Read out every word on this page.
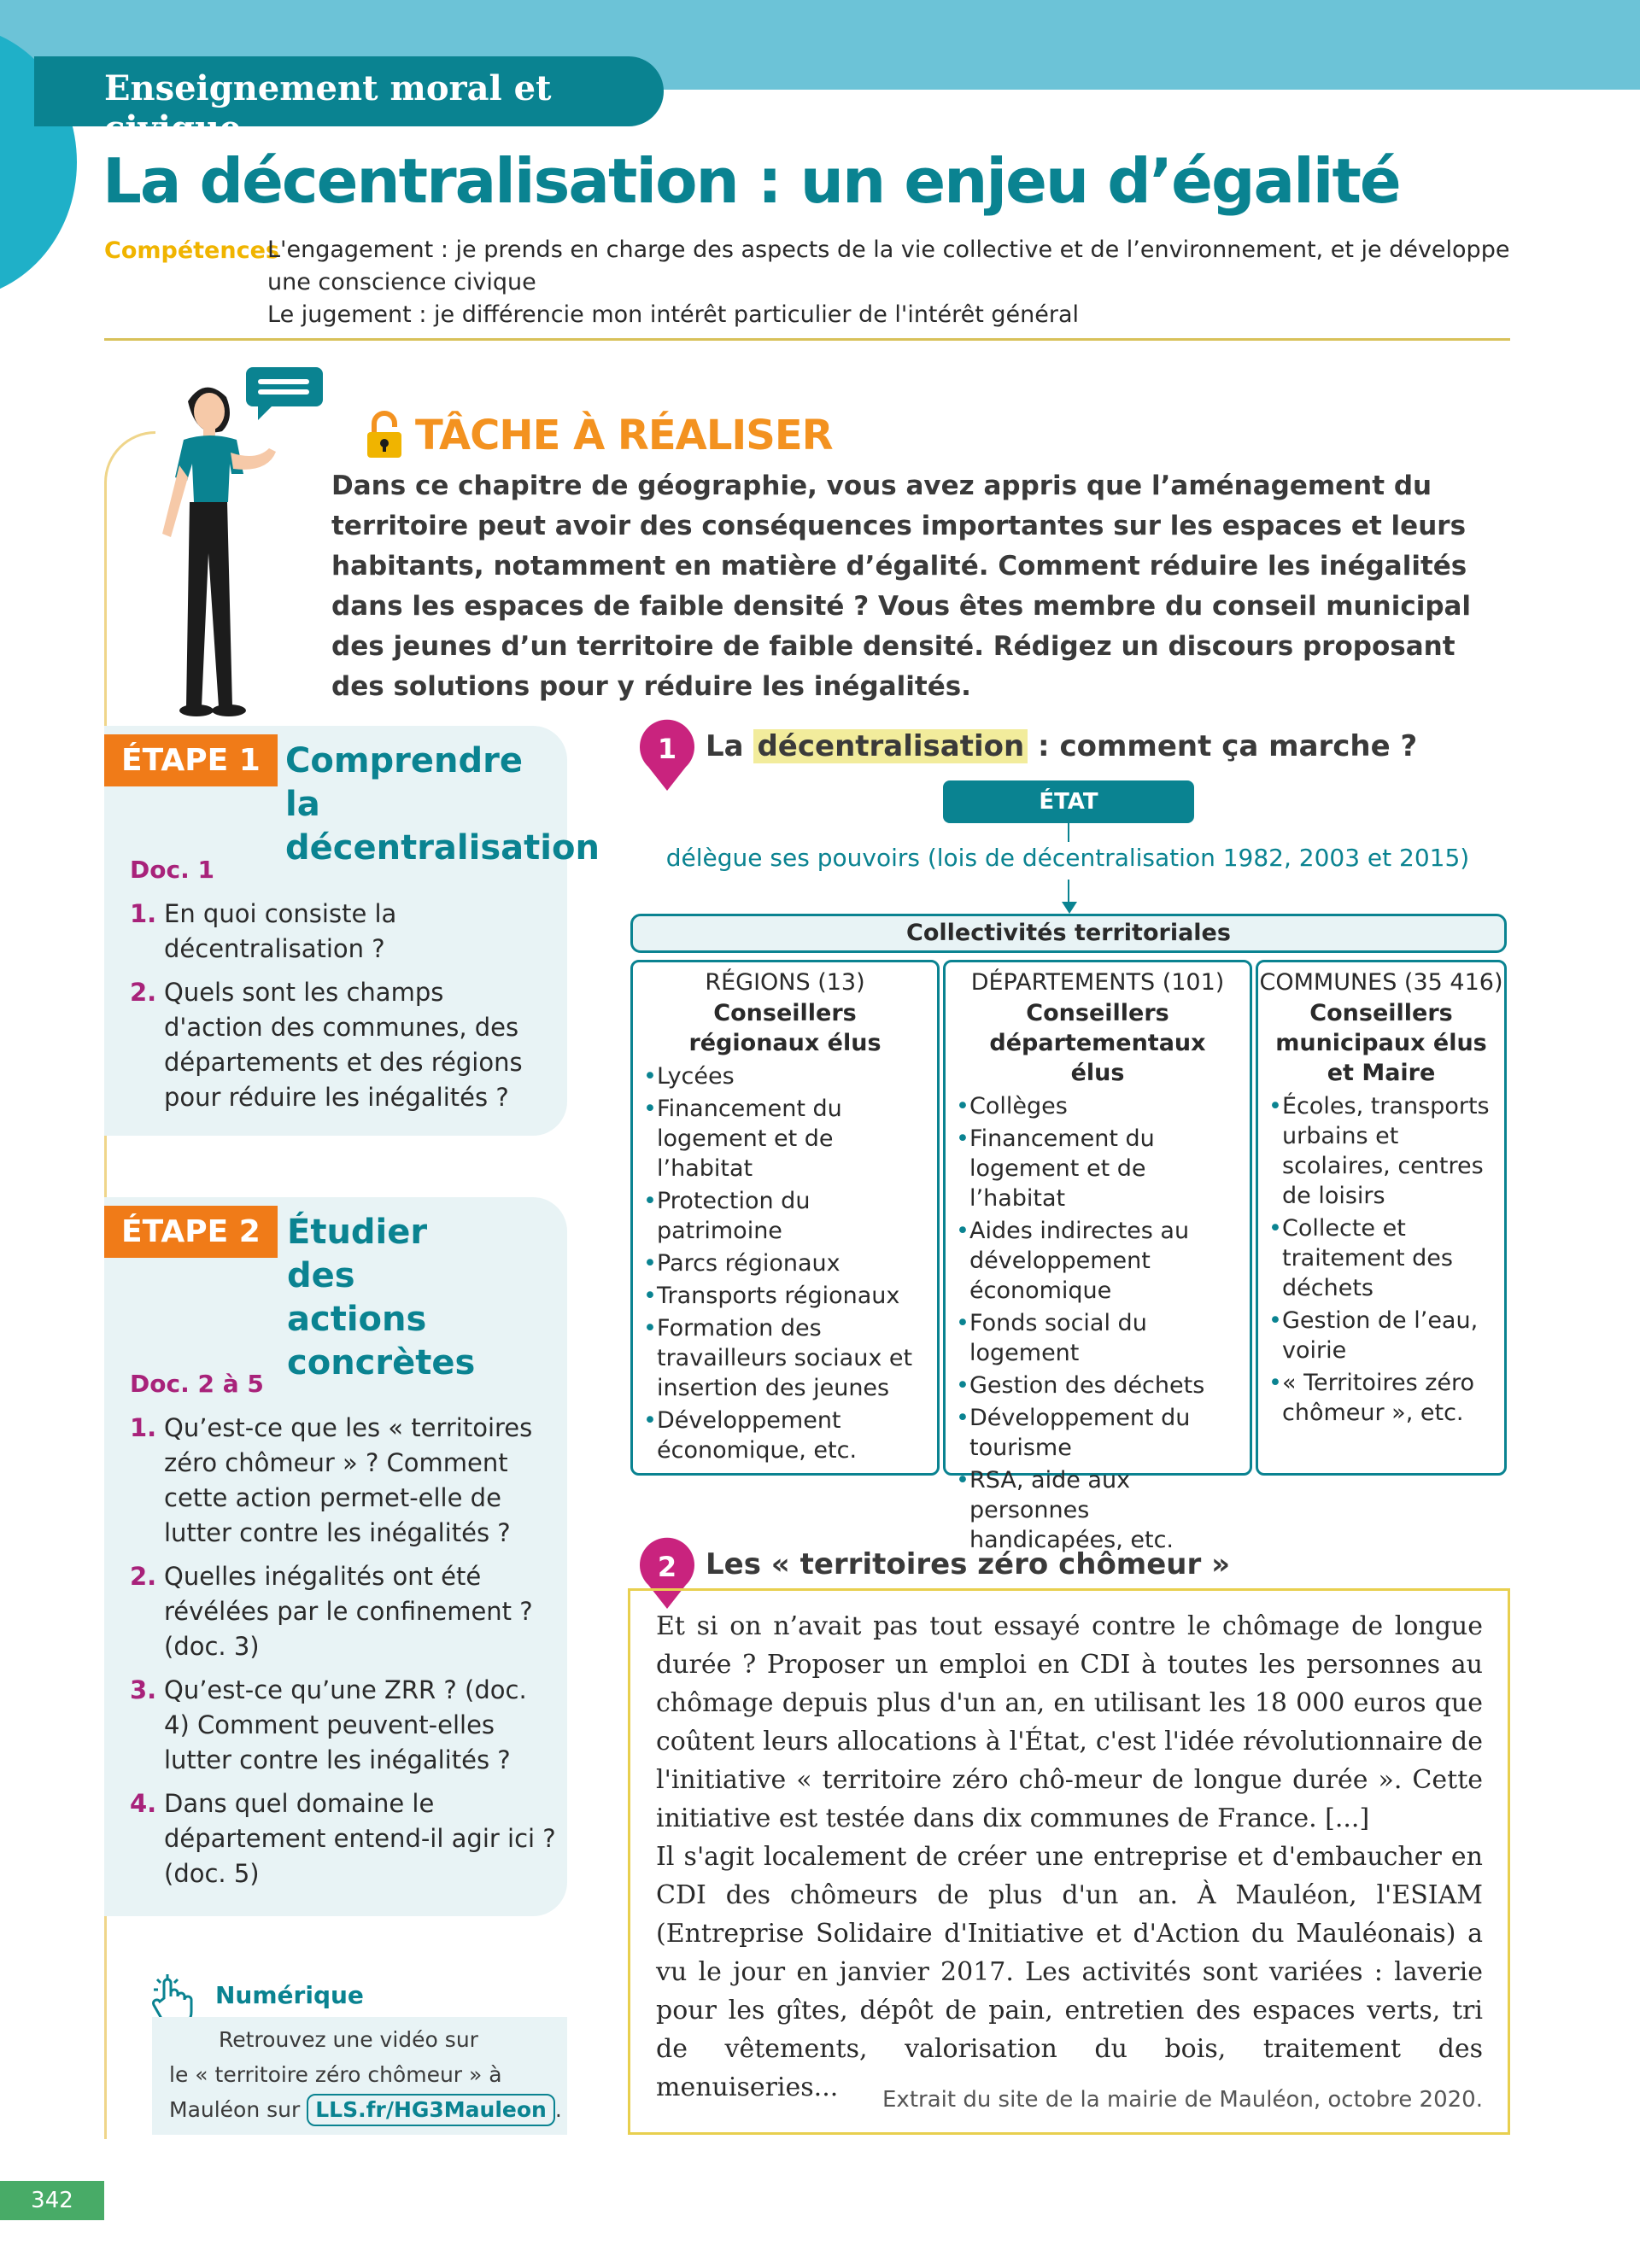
Enseignement moral et civique
La décentralisation : un enjeu d’égalité
Compétences
L'engagement : je prends en charge des aspects de la vie collective et de l’environnement, et je développe une conscience civique
Le jugement : je différencie mon intérêt particulier de l'intérêt général
TÂCHE À RÉALISER
Dans ce chapitre de géographie, vous avez appris que l’aménagement du territoire peut avoir des conséquences importantes sur les espaces et leurs habitants, notamment en matière d’égalité. Comment réduire les inégalités dans les espaces de faible densité ? Vous êtes membre du conseil municipal des jeunes d’un territoire de faible densité. Rédigez un discours proposant des solutions pour y réduire les inégalités.
ÉTAPE 1 Comprendre la décentralisation
Doc. 1
1. En quoi consiste la décentralisation ?
2. Quels sont les champs d'action des communes, des départements et des régions pour réduire les inégalités ?
ÉTAPE 2 Étudier des actions concrètes
Doc. 2 à 5
1. Qu’est-ce que les « territoires zéro chômeur » ? Comment cette action permet-elle de lutter contre les inégalités ?
2. Quelles inégalités ont été révélées par le confinement ? (doc. 3)
3. Qu’est-ce qu’une ZRR ? (doc. 4) Comment peuvent-elles lutter contre les inégalités ?
4. Dans quel domaine le département entend-il agir ici ? (doc. 5)
Numérique
Retrouvez une vidéo sur
le « territoire zéro chômeur » à
Mauléon sur LLS.fr/HG3Mauleon .
342
1 La décentralisation : comment ça marche ?
ÉTAT
délègue ses pouvoirs (lois de décentralisation 1982, 2003 et 2015)
Collectivités territoriales
RÉGIONS (13)
Conseillers régionaux élus
• Lycées
• Financement du logement et de l’habitat
• Protection du patrimoine
• Parcs régionaux
• Transports régionaux
• Formation des travailleurs sociaux et insertion des jeunes
• Développement économique, etc.
DÉPARTEMENTS (101)
Conseillers départementaux élus
• Collèges
• Financement du logement et de l’habitat
• Aides indirectes au développement économique
• Fonds social du logement
• Gestion des déchets
• Développement du tourisme
• RSA, aide aux personnes handicapées, etc.
COMMUNES (35 416)
Conseillers municipaux élus et Maire
• Écoles, transports urbains et scolaires, centres de loisirs
• Collecte et traitement des déchets
• Gestion de l’eau, voirie
• « Territoires zéro chômeur », etc.
2 Les « territoires zéro chômeur »

Et si on n’avait pas tout essayé contre le chômage de longue durée ? Proposer un emploi en CDI à toutes les personnes au chômage depuis plus d'un an, en utilisant les 18 000 euros que coûtent leurs allocations à l'État, c'est l'idée révolutionnaire de l'initiative « territoire zéro chô-meur de longue durée ». Cette initiative est testée dans dix communes de France. [...]

Il s'agit localement de créer une entreprise et d'embaucher en CDI des chômeurs de plus d'un an. À Mauléon, l'ESIAM (Entreprise Solidaire d'Initiative et d'Action du Mauléonais) a vu le jour en janvier 2017. Les activités sont variées : laverie pour les gîtes, dépôt de pain, entretien des espaces verts, tri de vêtements, valorisation du bois, traitement des menuiseries...	Extrait du site de la mairie de Mauléon, octobre 2020.
